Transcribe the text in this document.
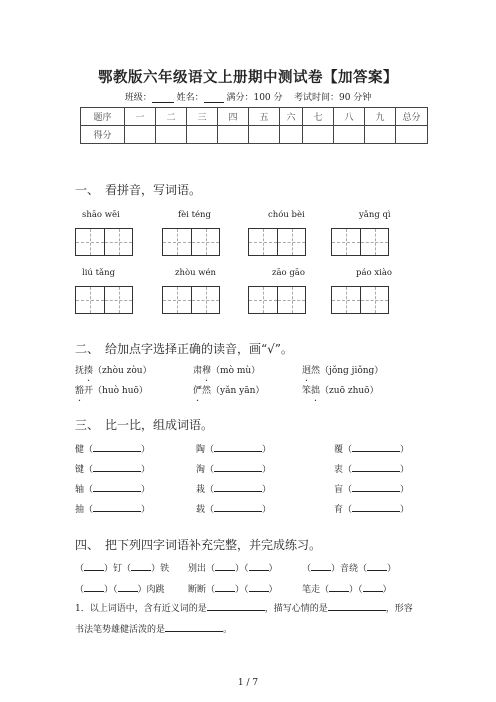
鄂教版六年级语文上册期中测试卷【加答案】
班级：	姓名：	满分：100 分 考试时间：90 分钟
题序	一	二	三	四	五	六	七	八	九	总分
得分										
一、　看拼音，写词语。
shāo wēi	fèi téng	chóu bèi	yǎng qì
liú tǎng	zhòu wén	zāo gāo	páo xiào
二、　给加点字选择正确的读音，画“√”。
抚揍（zhòu zòu）	肃穆（mò mù）	迥然（jǒng jiǒng）
豁开（huò huō）	俨然（yǎn yān）	笨拙（zuō zhuō）
三、　比一比，组成词语。
健（	）	陶（	）	覆（	）
键（	）	淘（	）	衷（	）
轴（	）	栽（	）	盲（	）
抽（	）	载（	）	育（	）
四、　把下列四字词语补充完整，并完成练习。
（ ）钉（ ）铁 别出（ ）（ ）	（ ）音绕（ ）
（ ）（ ）肉跳	断断（ ）（ ）	笔走（ ）（ ）
1．以上词语中，含有近义词的是	，描写心情的是	，形容
书法笔势雄健活泼的是	。
1 / 7
